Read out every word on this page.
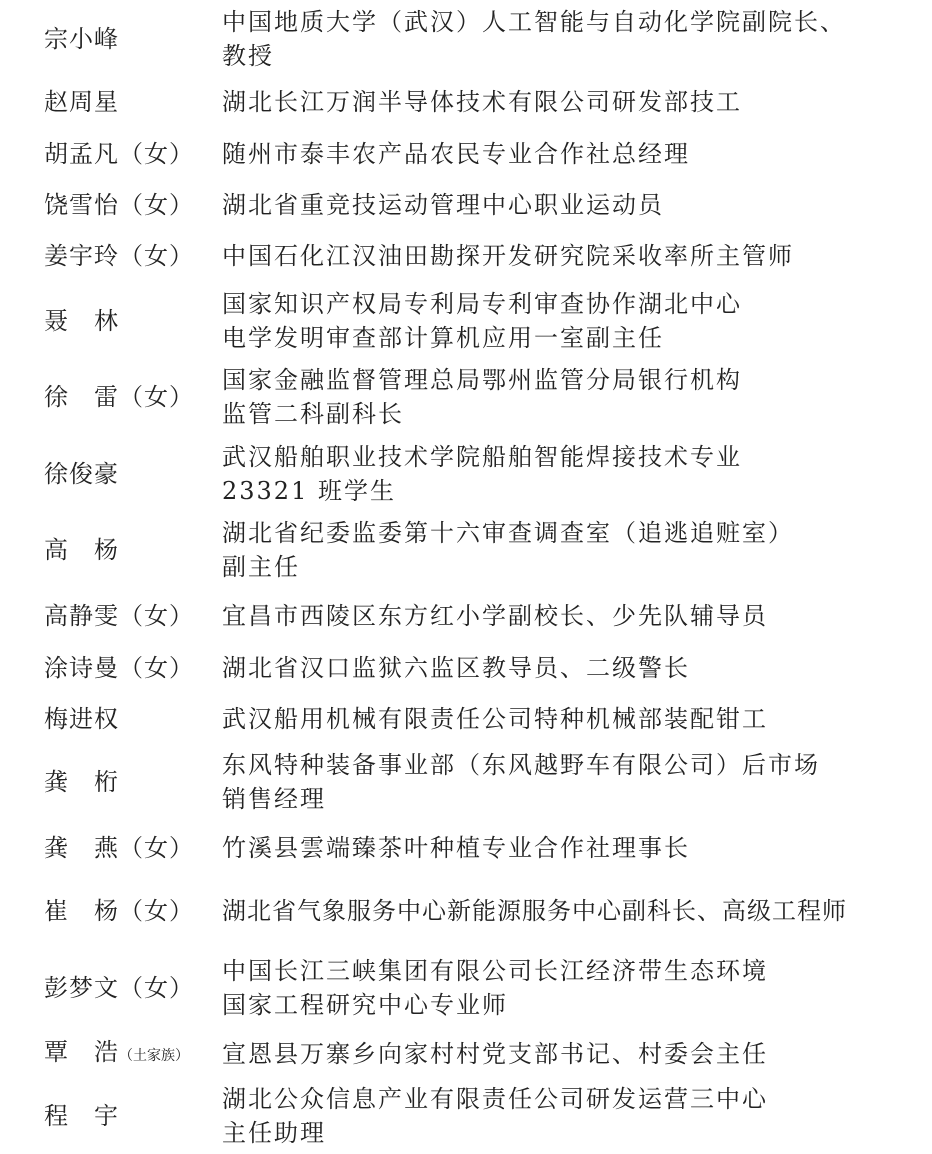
宗小峰
中国地质大学（武汉）人工智能与自动化学院副院长、
教授
赵周星	湖北长江万润半导体技术有限公司研发部技工
胡孟凡（女） 随州市泰丰农产品农民专业合作社总经理
饶雪怡（女） 湖北省重竞技运动管理中心职业运动员
姜宇玲（女） 中国石化江汉油田勘探开发研究院采收率所主管师
聂　林
国家知识产权局专利局专利审查协作湖北中心
电学发明审查部计算机应用一室副主任
徐　雷（女）
国家金融监督管理总局鄂州监管分局银行机构
监管二科副科长
徐俊豪
武汉船舶职业技术学院船舶智能焊接技术专业
23321 班学生
高　杨
湖北省纪委监委第十六审查调查室（追逃追赃室）
副主任
高静雯（女） 宜昌市西陵区东方红小学副校长、少先队辅导员
涂诗曼（女） 湖北省汉口监狱六监区教导员、二级警长
梅进权	武汉船用机械有限责任公司特种机械部装配钳工
龚　桁
东风特种装备事业部（东风越野车有限公司）后市场
销售经理
龚　燕（女） 竹溪县雲端臻茶叶种植专业合作社理事长
崔　杨（女） 湖北省气象服务中心新能源服务中心副科长、高级工程师
彭梦文（女）
中国长江三峡集团有限公司长江经济带生态环境
国家工程研究中心专业师
覃　浩（土家族） 宣恩县万寨乡向家村村党支部书记、村委会主任
程　宇
湖北公众信息产业有限责任公司研发运营三中心
主任助理
